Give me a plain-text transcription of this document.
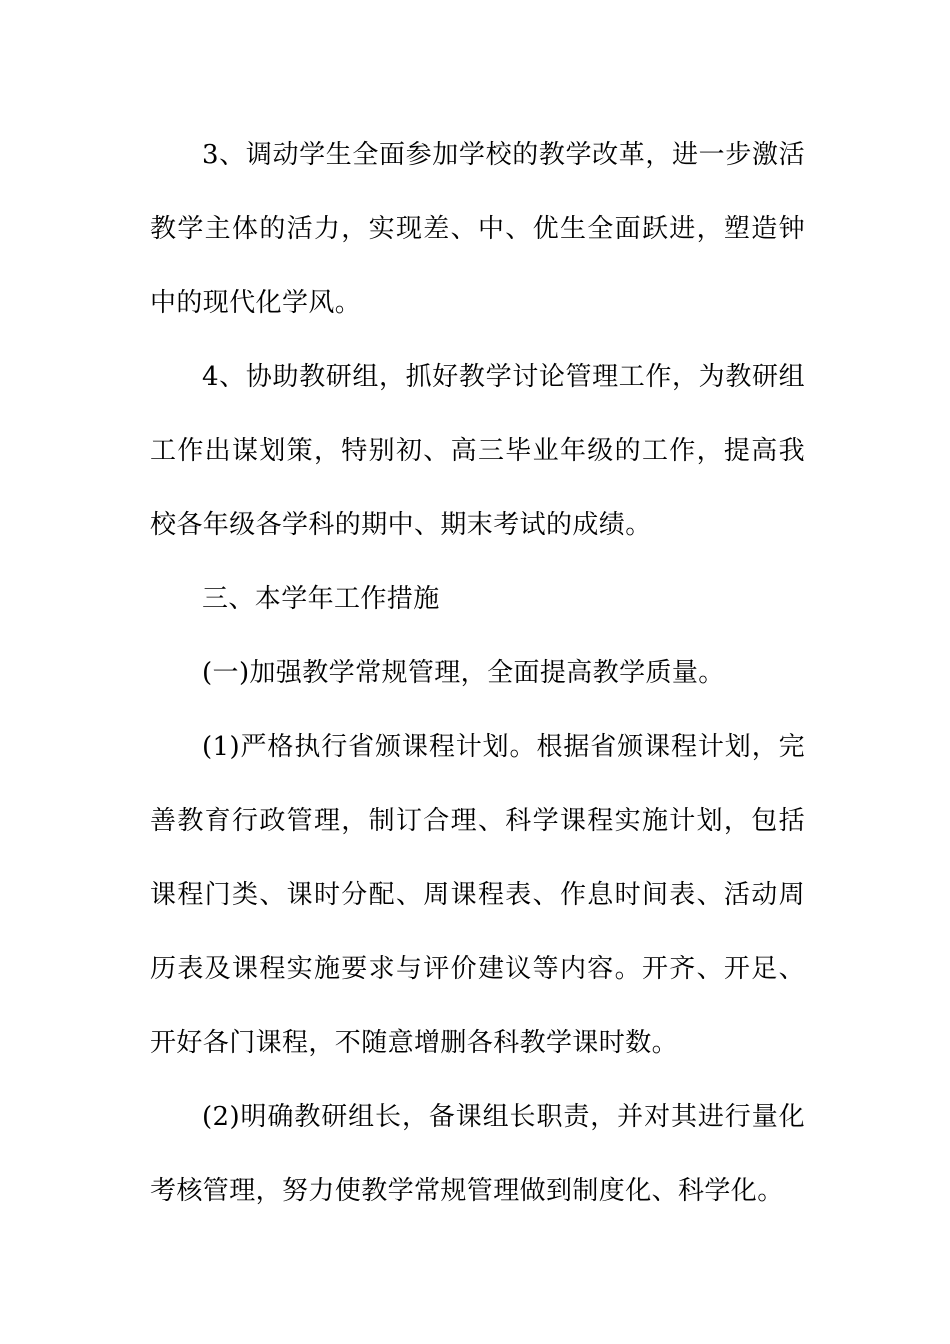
3、调动学生全面参加学校的教学改革，进一步激活教学主体的活力，实现差、中、优生全面跃进，塑造钟中的现代化学风。

4、协助教研组，抓好教学讨论管理工作，为教研组工作出谋划策，特别初、高三毕业年级的工作，提高我校各年级各学科的期中、期末考试的成绩。

三、本学年工作措施

(一)加强教学常规管理，全面提高教学质量。

(1)严格执行省颁课程计划。根据省颁课程计划，完善教育行政管理，制订合理、科学课程实施计划，包括课程门类、课时分配、周课程表、作息时间表、活动周历表及课程实施要求与评价建议等内容。开齐、开足、开好各门课程，不随意增删各科教学课时数。

(2)明确教研组长，备课组长职责，并对其进行量化考核管理，努力使教学常规管理做到制度化、科学化。
